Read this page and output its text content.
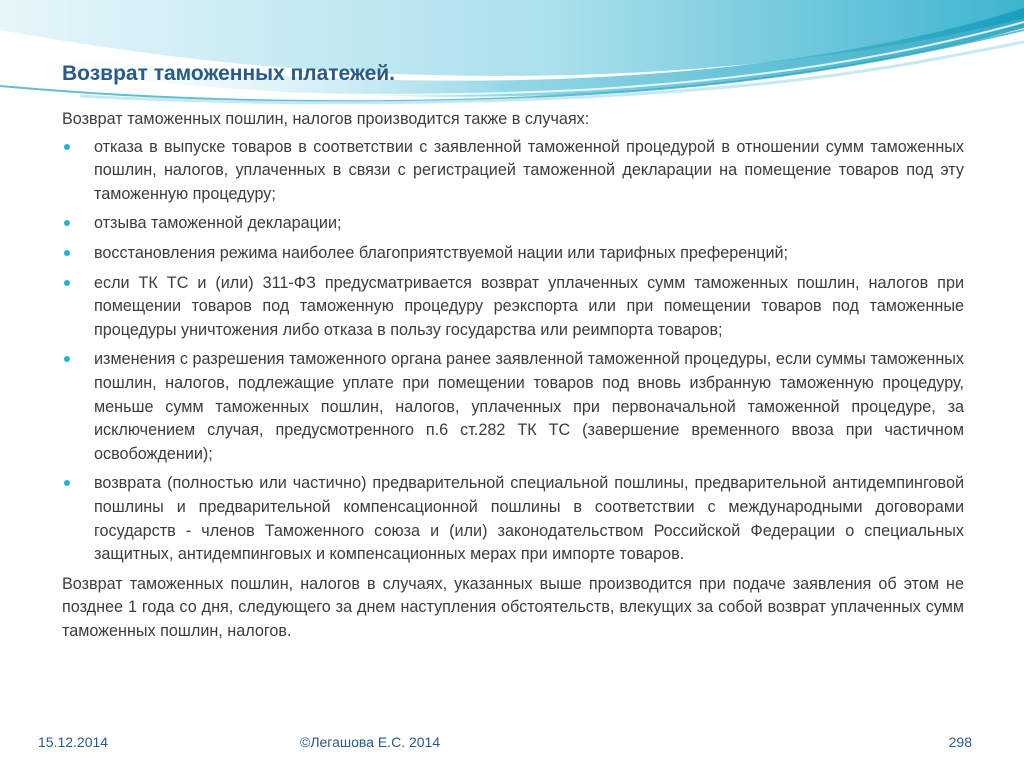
Возврат таможенных платежей.

Возврат таможенных пошлин, налогов производится также в случаях:

отказа в выпуске товаров в соответствии с заявленной таможенной процедурой в отношении сумм таможенных пошлин, налогов, уплаченных в связи с регистрацией таможенной декларации на помещение товаров под эту таможенную процедуру;
отзыва таможенной декларации;
восстановления режима наиболее благоприятствуемой нации или тарифных преференций;
если ТК ТС и (или) 311-ФЗ предусматривается возврат уплаченных сумм таможенных пошлин, налогов при помещении товаров под таможенную процедуру реэкспорта или при помещении товаров под таможенные процедуры уничтожения либо отказа в пользу государства или реимпорта товаров;
изменения с разрешения таможенного органа ранее заявленной таможенной процедуры, если суммы таможенных пошлин, налогов, подлежащие уплате при помещении товаров под вновь избранную таможенную процедуру, меньше сумм таможенных пошлин, налогов, уплаченных при первоначальной таможенной процедуре, за исключением случая, предусмотренного п.6 ст.282 ТК ТС (завершение временного ввоза при частичном освобождении);
возврата (полностью или частично) предварительной специальной пошлины, предварительной антидемпинговой пошлины и предварительной компенсационной пошлины в соответствии с международными договорами государств - членов Таможенного союза и (или) законодательством Российской Федерации о специальных защитных, антидемпинговых и компенсационных мерах при импорте товаров.

Возврат таможенных пошлин, налогов в случаях, указанных выше производится при подаче заявления об этом не позднее 1 года со дня, следующего за днем наступления обстоятельств, влекущих за собой возврат уплаченных сумм таможенных пошлин, налогов.

15.12.2014	©Легашова Е.С. 2014	298
